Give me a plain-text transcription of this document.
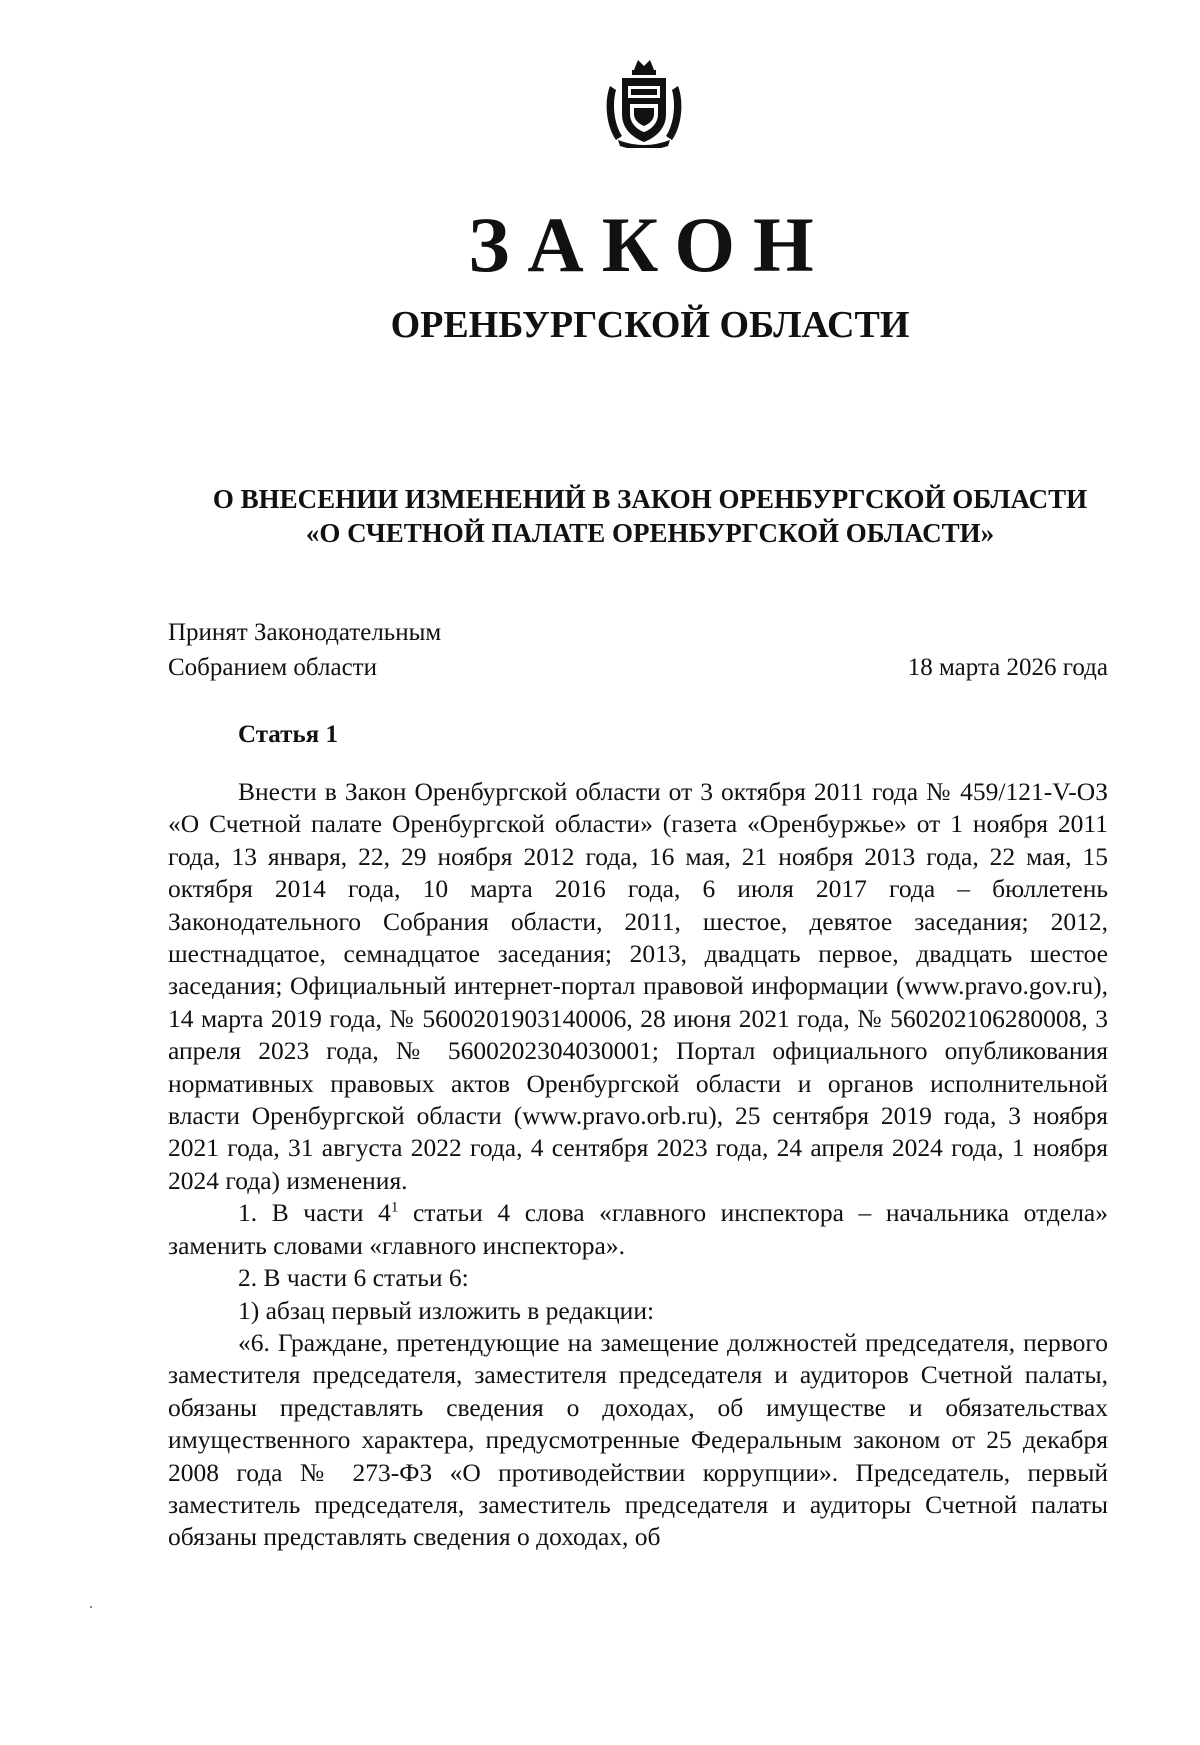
ЗАКОН
ОРЕНБУРГСКОЙ ОБЛАСТИ
О ВНЕСЕНИИ ИЗМЕНЕНИЙ В ЗАКОН ОРЕНБУРГСКОЙ ОБЛАСТИ
«О СЧЕТНОЙ ПАЛАТЕ ОРЕНБУРГСКОЙ ОБЛАСТИ»
Принят Законодательным
Собранием области	18 марта 2026 года
Статья 1

Внести в Закон Оренбургской области от 3 октября 2011 года № 459/121-V-ОЗ «О Счетной палате Оренбургской области» (газета «Оренбуржье» от 1 ноября 2011 года, 13 января, 22, 29 ноября 2012 года, 16 мая, 21 ноября 2013 года, 22 мая, 15 октября 2014 года, 10 марта 2016 года, 6 июля 2017 года – бюллетень Законодательного Собрания области, 2011, шестое, девятое заседания; 2012, шестнадцатое, семнадцатое заседания; 2013, двадцать первое, двадцать шестое заседания; Официальный интернет-портал правовой информации (www.pravo.gov.ru), 14 марта 2019 года, № 5600201903140006, 28 июня 2021 года, № 560202106280008, 3 апреля 2023 года, № 5600202304030001; Портал официального опубликования нормативных правовых актов Оренбургской области и органов исполнительной власти Оренбургской области (www.pravo.orb.ru), 25 сентября 2019 года, 3 ноября 2021 года, 31 августа 2022 года, 4 сентября 2023 года, 24 апреля 2024 года, 1 ноября 2024 года) изменения.

1. В части $4^1$ статьи 4 слова «главного инспектора – начальника отдела» заменить словами «главного инспектора».

2. В части 6 статьи 6:

1) абзац первый изложить в редакции:

«6. Граждане, претендующие на замещение должностей председателя, первого заместителя председателя, заместителя председателя и аудиторов Счетной палаты, обязаны представлять сведения о доходах, об имуществе и обязательствах имущественного характера, предусмотренные Федеральным законом от 25 декабря 2008 года № 273-ФЗ «О противодействии коррупции». Председатель, первый заместитель председателя, заместитель председателя и аудиторы Счетной палаты обязаны представлять сведения о доходах, об
